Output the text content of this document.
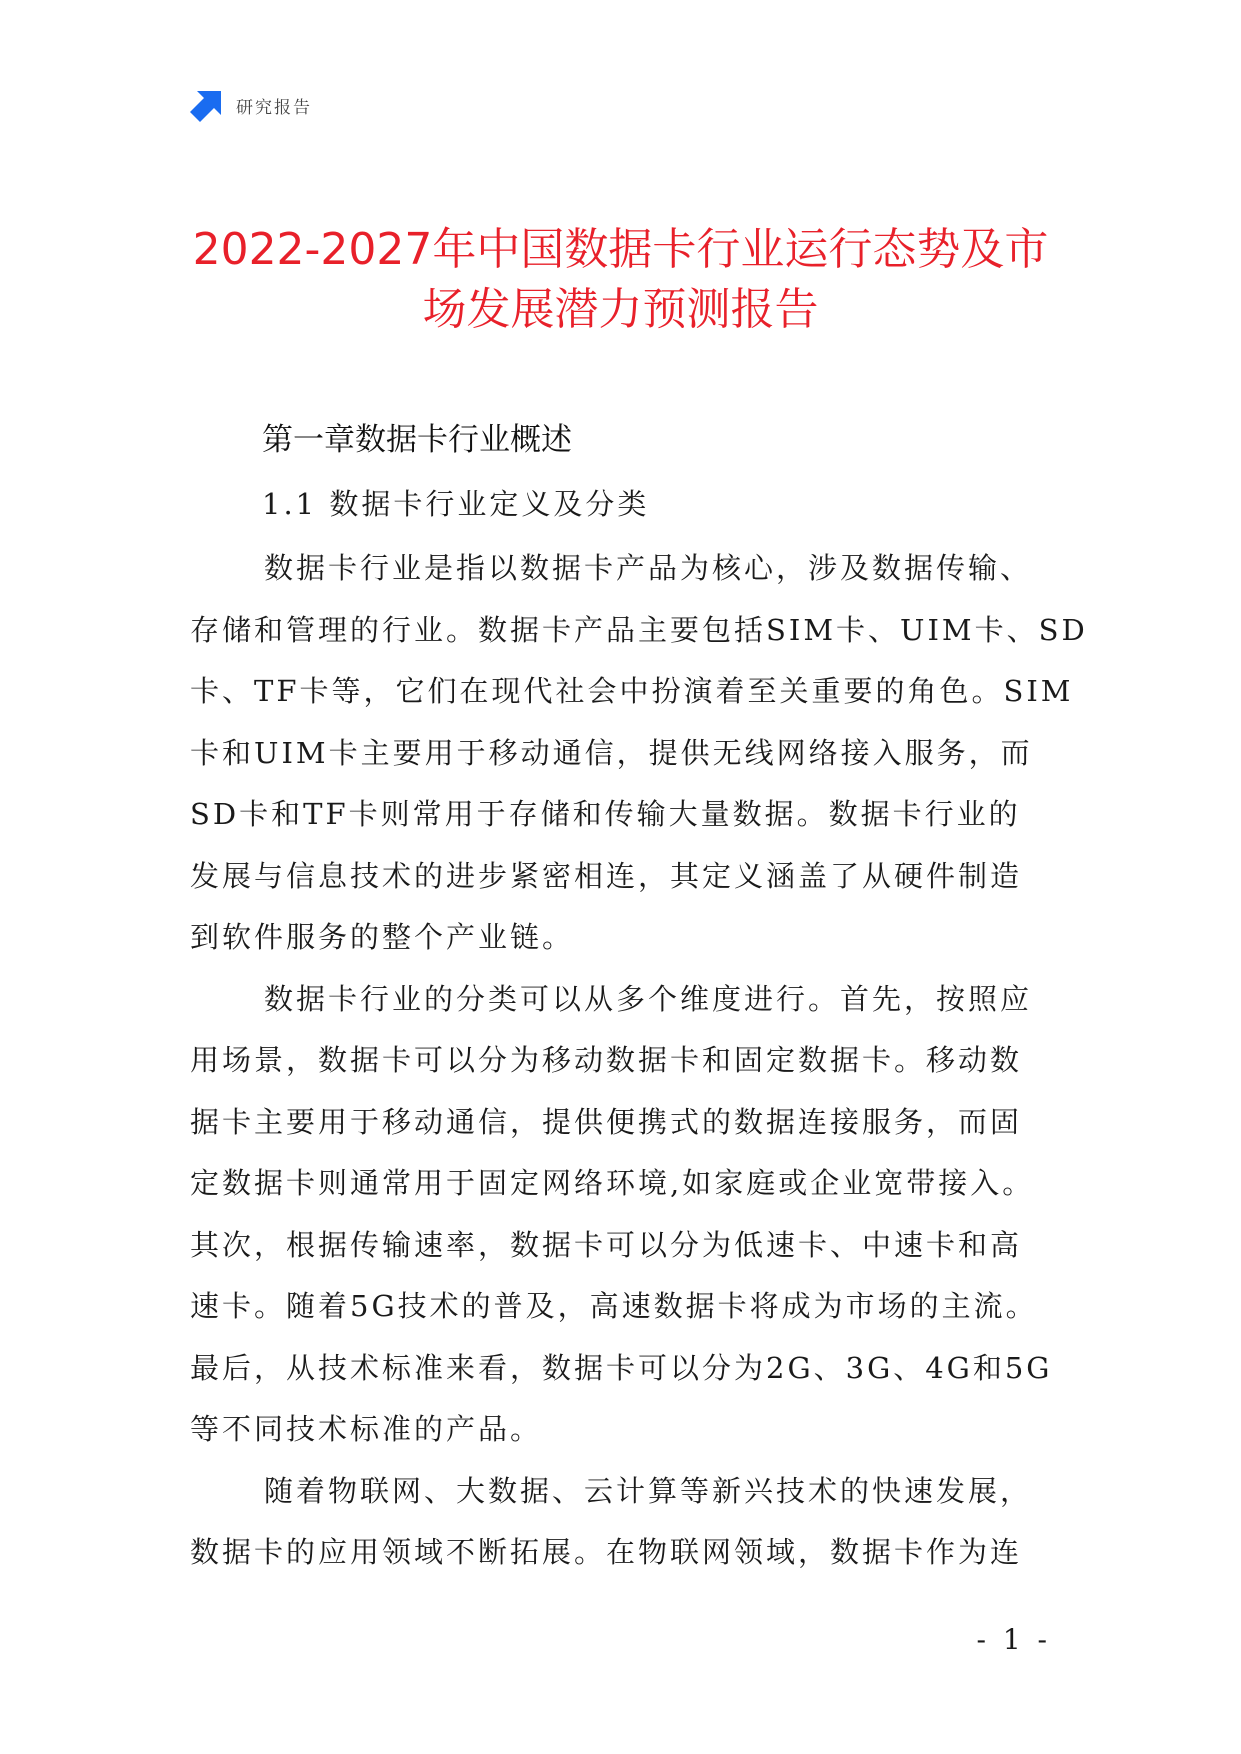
研究报告
2022-2027年中国数据卡行业运行态势及市
场发展潜力预测报告
第一章数据卡行业概述
1.1 数据卡行业定义及分类

数据卡行业是指以数据卡产品为核心，涉及数据传输、
存储和管理的行业。数据卡产品主要包括SIM卡、UIM卡、SD
卡、TF卡等，它们在现代社会中扮演着至关重要的角色。SIM
卡和UIM卡主要用于移动通信，提供无线网络接入服务，而
SD卡和TF卡则常用于存储和传输大量数据。数据卡行业的
发展与信息技术的进步紧密相连，其定义涵盖了从硬件制造
到软件服务的整个产业链。

数据卡行业的分类可以从多个维度进行。首先，按照应
用场景，数据卡可以分为移动数据卡和固定数据卡。移动数
据卡主要用于移动通信，提供便携式的数据连接服务，而固
定数据卡则通常用于固定网络环境,如家庭或企业宽带接入。
其次，根据传输速率，数据卡可以分为低速卡、中速卡和高
速卡。随着5G技术的普及，高速数据卡将成为市场的主流。
最后，从技术标准来看，数据卡可以分为2G、3G、4G和5G
等不同技术标准的产品。

随着物联网、大数据、云计算等新兴技术的快速发展，
数据卡的应用领域不断拓展。在物联网领域，数据卡作为连

- 1 -
